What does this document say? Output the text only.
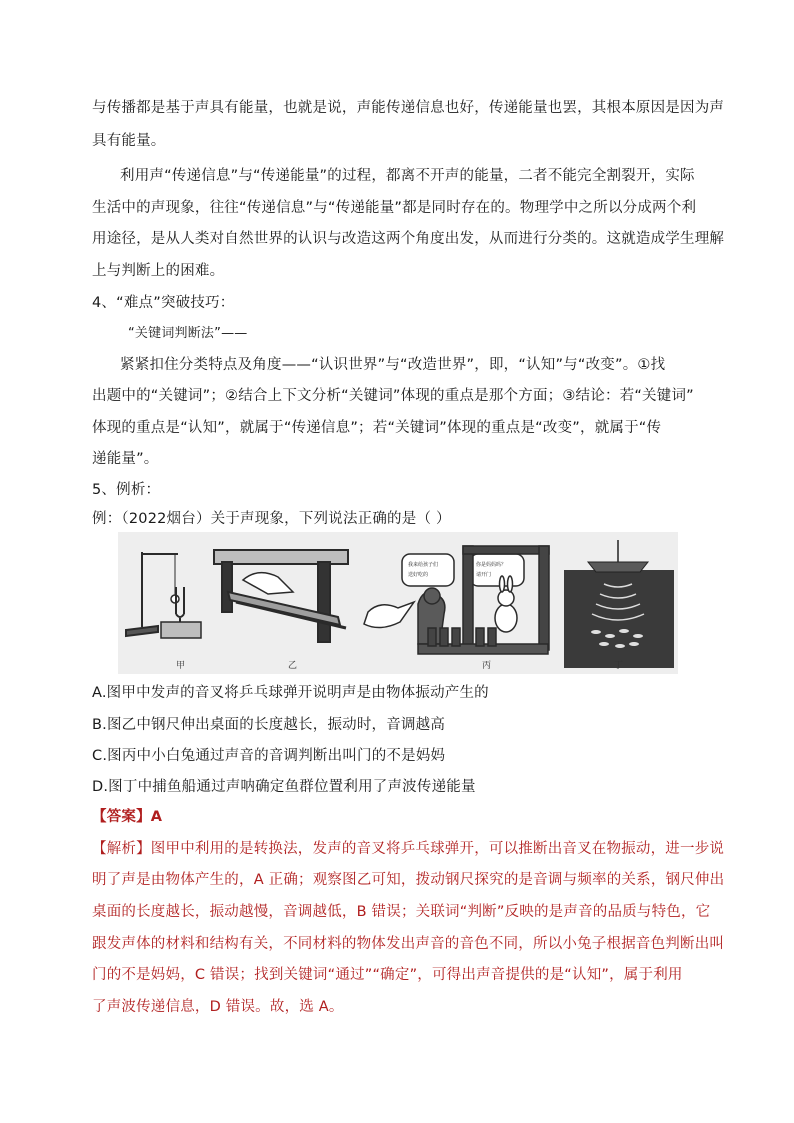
与传播都是基于声具有能量，也就是说，声能传递信息也好，传递能量也罢，其根本原因是因为声
具有能量。
利用声“传递信息”与“传递能量”的过程，都离不开声的能量，二者不能完全割裂开，实际
生活中的声现象，往往“传递信息”与“传递能量”都是同时存在的。物理学中之所以分成两个利
用途径，是从人类对自然世界的认识与改造这两个角度出发，从而进行分类的。这就造成学生理解
上与判断上的困难。
4、“难点”突破技巧：
“关键词判断法”——
紧紧扣住分类特点及角度——“认识世界”与“改造世界”，即，“认知”与“改变”。①找
出题中的“关键词”；②结合上下文分析“关键词”体现的重点是那个方面；③结论：若“关键词”
体现的重点是“认知”，就属于“传递信息”；若“关键词”体现的重点是“改变”，就属于“传
递能量”。
5、例析：
例：（2022烟台）关于声现象，下列说法正确的是（ ）
我来给孩子们
送好吃的
你是妈妈吗？
请开门
甲	乙	丙	丁
A.图甲中发声的音叉将乒乓球弹开说明声是由物体振动产生的
B.图乙中钢尺伸出桌面的长度越长，振动时，音调越高
C.图丙中小白兔通过声音的音调判断出叫门的不是妈妈
D.图丁中捕鱼船通过声呐确定鱼群位置利用了声波传递能量
【答案】A
【解析】图甲中利用的是转换法，发声的音叉将乒乓球弹开，可以推断出音叉在物振动，进一步说
明了声是由物体产生的，A 正确；观察图乙可知，拨动钢尺探究的是音调与频率的关系，钢尺伸出
桌面的长度越长，振动越慢，音调越低，B 错误；关联词“判断”反映的是声音的品质与特色，它
跟发声体的材料和结构有关，不同材料的物体发出声音的音色不同，所以小兔子根据音色判断出叫
门的不是妈妈，C 错误；找到关键词“通过”“确定”，可得出声音提供的是“认知”，属于利用
了声波传递信息，D 错误。故，选 A。
